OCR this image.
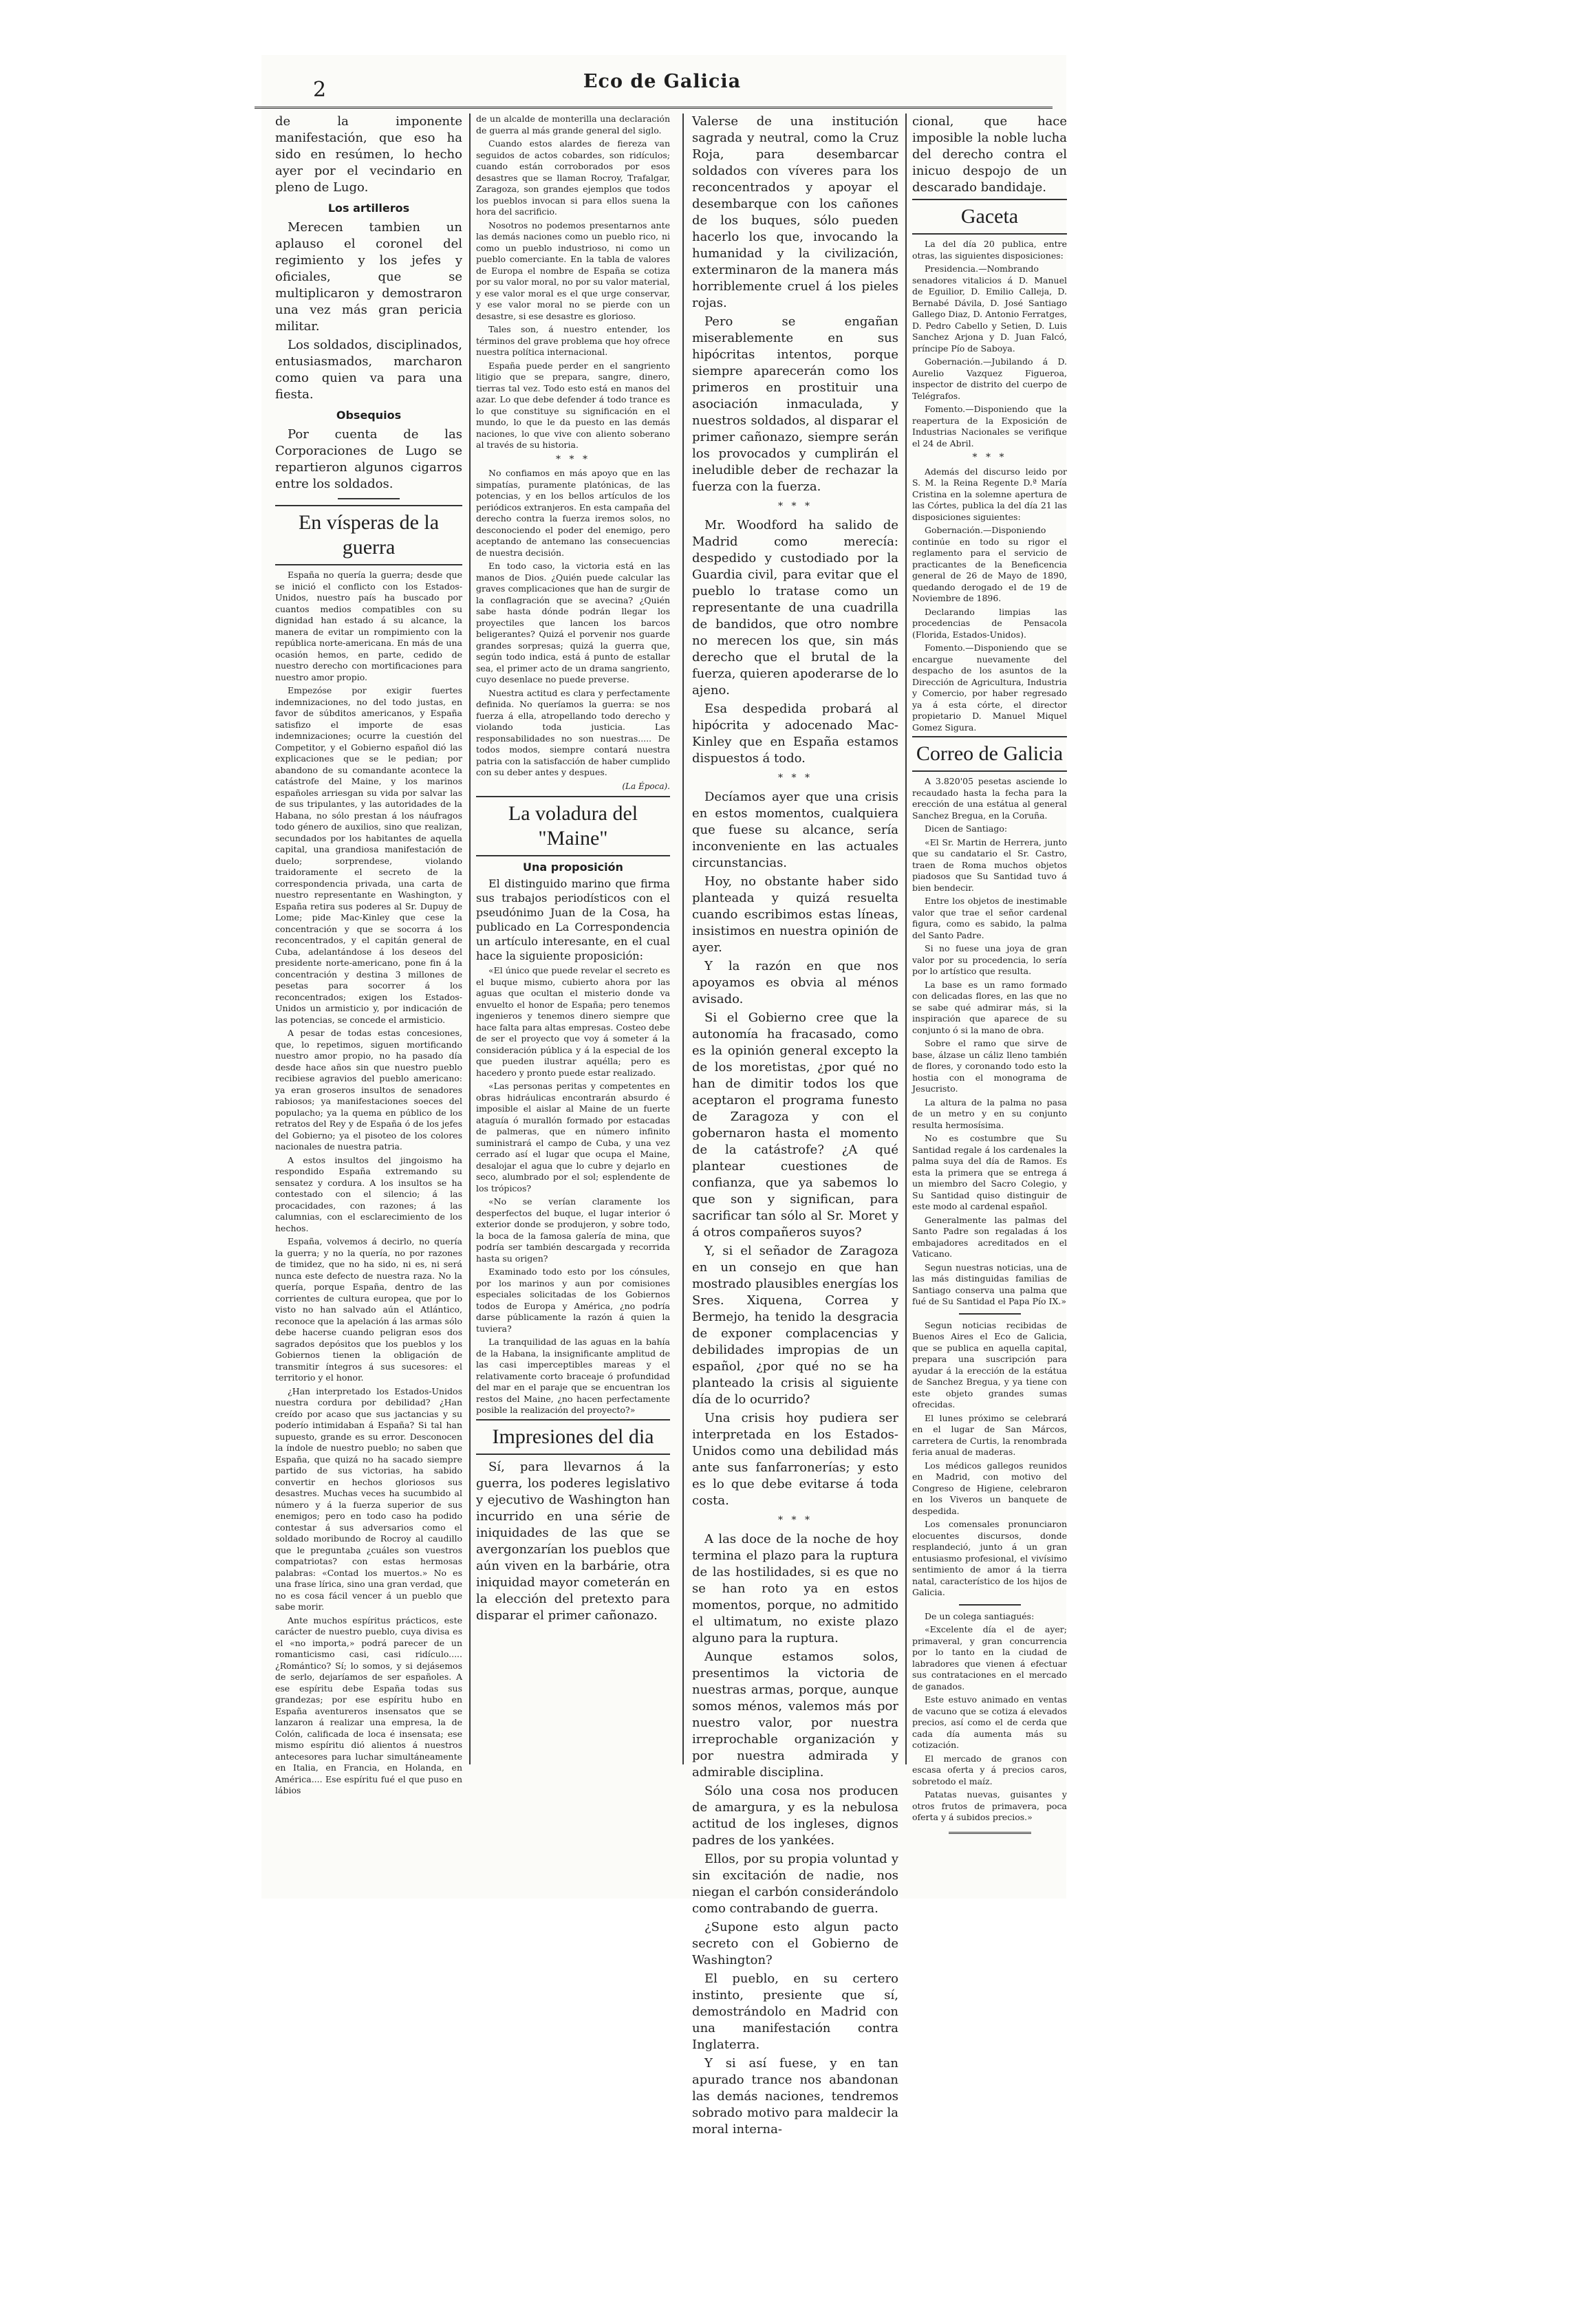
2	Eco de Galicia

de la imponente manifestación, que eso ha sido en resúmen, lo hecho ayer por el vecindario en pleno de Lugo.

Los artilleros

Merecen tambien un aplauso el coronel del regimiento y los jefes y oficiales, que se multiplicaron y demostraron una vez más gran pericia militar.

Los soldados, disciplinados, entusiasmados, marcharon como quien va para una fiesta.

Obsequios

Por cuenta de las Corporaciones de Lugo se repartieron algunos cigarros entre los soldados.

En vísperas de la guerra

España no quería la guerra; desde que se inició el conflicto con los Estados-Unidos, nuestro país ha buscado por cuantos medios compatibles con su dignidad han estado á su alcance, la manera de evitar un rompimiento con la república norte-americana. En más de una ocasión hemos, en parte, cedido de nuestro derecho con mortificaciones para nuestro amor propio.

Empezóse por exigir fuertes indemnizaciones, no del todo justas, en favor de súbditos americanos, y España satisfizo el importe de esas indemnizaciones; ocurre la cuestión del Competitor, y el Gobierno español dió las explicaciones que se le pedian; por abandono de su comandante acontece la catástrofe del Maine, y los marinos españoles arriesgan su vida por salvar las de sus tripulantes, y las autoridades de la Habana, no sólo prestan á los náufragos todo género de auxilios, sino que realizan, secundados por los habitantes de aquella capital, una grandiosa manifestación de duelo; sorprendese, violando traidoramente el secreto de la correspondencia privada, una carta de nuestro representante en Washington, y España retira sus poderes al Sr. Dupuy de Lome; pide Mac-Kinley que cese la concentración y que se socorra á los reconcentrados, y el capitán general de Cuba, adelantándose á los deseos del presidente norte-americano, pone fin á la concentración y destina 3 millones de pesetas para socorrer á los reconcentrados; exigen los Estados-Unidos un armisticio y, por indicación de las potencias, se concede el armisticio.

A pesar de todas estas concesiones, que, lo repetimos, siguen mortificando nuestro amor propio, no ha pasado día desde hace años sin que nuestro pueblo recibiese agravios del pueblo americano: ya eran groseros insultos de senadores rabiosos; ya manifestaciones soeces del populacho; ya la quema en público de los retratos del Rey y de España ó de los jefes del Gobierno; ya el pisoteo de los colores nacionales de nuestra patria.

A estos insultos del jingoismo ha respondido España extremando su sensatez y cordura. A los insultos se ha contestado con el silencio; á las procacidades, con razones; á las calumnias, con el esclarecimiento de los hechos.

España, volvemos á decirlo, no quería la guerra; y no la quería, no por razones de timidez, que no ha sido, ni es, ni será nunca este defecto de nuestra raza. No la quería, porque España, dentro de las corrientes de cultura europea, que por lo visto no han salvado aún el Atlántico, reconoce que la apelación á las armas sólo debe hacerse cuando peligran esos dos sagrados depósitos que los pueblos y los Gobiernos tienen la obligación de transmitir íntegros á sus sucesores: el territorio y el honor.

¿Han interpretado los Estados-Unidos nuestra cordura por debilidad? ¿Han creído por acaso que sus jactancias y su poderío intimidaban á España? Si tal han supuesto, grande es su error. Desconocen la índole de nuestro pueblo; no saben que España, que quizá no ha sacado siempre partido de sus victorias, ha sabido convertir en hechos gloriosos sus desastres. Muchas veces ha sucumbido al número y á la fuerza superior de sus enemigos; pero en todo caso ha podido contestar á sus adversarios como el soldado moribundo de Rocroy al caudillo que le preguntaba ¿cuáles son vuestros compatriotas? con estas hermosas palabras: «Contad los muertos.» No es una frase lírica, sino una gran verdad, que no es cosa fácil vencer á un pueblo que sabe morir.

Ante muchos espíritus prácticos, este carácter de nuestro pueblo, cuya divisa es el «no importa,» podrá parecer de un romanticismo casi, casi ridículo..... ¿Romántico? Sí; lo somos, y si dejásemos de serlo, dejaríamos de ser españoles. A ese espíritu debe España todas sus grandezas; por ese espíritu hubo en España aventureros insensatos que se lanzaron á realizar una empresa, la de Colón, calificada de loca é insensata; ese mismo espíritu dió alientos á nuestros antecesores para luchar simultáneamente en Italia, en Francia, en Holanda, en América.... Ese espíritu fué el que puso en lábios

de un alcalde de monterilla una declaración de guerra al más grande general del siglo.

Cuando estos alardes de fiereza van seguidos de actos cobardes, son ridículos; cuando están corroborados por esos desastres que se llaman Rocroy, Trafalgar, Zaragoza, son grandes ejemplos que todos los pueblos invocan si para ellos suena la hora del sacrificio.

Nosotros no podemos presentarnos ante las demás naciones como un pueblo rico, ni como un pueblo industrioso, ni como un pueblo comerciante. En la tabla de valores de Europa el nombre de España se cotiza por su valor moral, no por su valor material, y ese valor moral es el que urge conservar, y ese valor moral no se pierde con un desastre, si ese desastre es glorioso.

Tales son, á nuestro entender, los términos del grave problema que hoy ofrece nuestra política internacional.

España puede perder en el sangriento litigio que se prepara, sangre, dinero, tierras tal vez. Todo esto está en manos del azar. Lo que debe defender á todo trance es lo que constituye su significación en el mundo, lo que le da puesto en las demás naciones, lo que vive con aliento soberano al través de su historia.

* * *

No confiamos en más apoyo que en las simpatías, puramente platónicas, de las potencias, y en los bellos artículos de los periódicos extranjeros. En esta campaña del derecho contra la fuerza iremos solos, no desconociendo el poder del enemigo, pero aceptando de antemano las consecuencias de nuestra decisión.

En todo caso, la victoria está en las manos de Dios. ¿Quién puede calcular las graves complicaciones que han de surgir de la conflagración que se avecina? ¿Quién sabe hasta dónde podrán llegar los proyectiles que lancen los barcos beligerantes? Quizá el porvenir nos guarde grandes sorpresas; quizá la guerra que, según todo indica, está á punto de estallar sea, el primer acto de un drama sangriento, cuyo desenlace no puede preverse.

Nuestra actitud es clara y perfectamente definida. No queríamos la guerra: se nos fuerza á ella, atropellando todo derecho y violando toda justicia. Las responsabilidades no son nuestras..... De todos modos, siempre contará nuestra patria con la satisfacción de haber cumplido con su deber antes y despues.

(La Época).
La voladura del "Maine"
Una proposición

El distinguido marino que firma sus trabajos periodísticos con el pseudónimo Juan de la Cosa, ha publicado en La Correspondencia un artículo interesante, en el cual hace la siguiente proposición:

«El único que puede revelar el secreto es el buque mismo, cubierto ahora por las aguas que ocultan el misterio donde va envuelto el honor de España; pero tenemos ingenieros y tenemos dinero siempre que hace falta para altas empresas. Costeo debe de ser el proyecto que voy á someter á la consideración pública y á la especial de los que pueden ilustrar aquélla; pero es hacedero y pronto puede estar realizado.

«Las personas peritas y competentes en obras hidráulicas encontrarán absurdo é imposible el aislar al Maine de un fuerte ataguía ó murallón formado por estacadas de palmeras, que en número infinito suministrará el campo de Cuba, y una vez cerrado así el lugar que ocupa el Maine, desalojar el agua que lo cubre y dejarlo en seco, alumbrado por el sol; esplendente de los trópicos?

«No se verían claramente los desperfectos del buque, el lugar interior ó exterior donde se produjeron, y sobre todo, la boca de la famosa galería de mina, que podría ser también descargada y recorrida hasta su origen?

Examinado todo esto por los cónsules, por los marinos y aun por comisiones especiales solicitadas de los Gobiernos todos de Europa y América, ¿no podría darse públicamente la razón á quien la tuviera?

La tranquilidad de las aguas en la bahía de la Habana, la insignificante amplitud de las casi imperceptibles mareas y el relativamente corto braceaje ó profundidad del mar en el paraje que se encuentran los restos del Maine, ¿no hacen perfectamente posible la realización del proyecto?»

Impresiones del dia

Sí, para llevarnos á la guerra, los poderes legislativo y ejecutivo de Washington han incurrido en una série de iniquidades de las que se avergonzarían los pueblos que aún viven en la barbárie, otra iniquidad mayor cometerán en la elección del pretexto para disparar el primer cañonazo.

Valerse de una institución sagrada y neutral, como la Cruz Roja, para desembarcar soldados con víveres para los reconcentrados y apoyar el desembarque con los cañones de los buques, sólo pueden hacerlo los que, invocando la humanidad y la civilización, exterminaron de la manera más horriblemente cruel á los pieles rojas.

Pero se engañan miserablemente en sus hipócritas intentos, porque siempre aparecerán como los primeros en prostituir una asociación inmaculada, y nuestros soldados, al disparar el primer cañonazo, siempre serán los provocados y cumplirán el ineludible deber de rechazar la fuerza con la fuerza.

* * *

Mr. Woodford ha salido de Madrid como merecía: despedido y custodiado por la Guardia civil, para evitar que el pueblo lo tratase como un representante de una cuadrilla de bandidos, que otro nombre no merecen los que, sin más derecho que el brutal de la fuerza, quieren apoderarse de lo ajeno.

Esa despedida probará al hipócrita y adocenado Mac-Kinley que en España estamos dispuestos á todo.

* * *

Decíamos ayer que una crisis en estos momentos, cualquiera que fuese su alcance, sería inconveniente en las actuales circunstancias.

Hoy, no obstante haber sido planteada y quizá resuelta cuando escribimos estas líneas, insistimos en nuestra opinión de ayer.

Y la razón en que nos apoyamos es obvia al ménos avisado.

Si el Gobierno cree que la autonomía ha fracasado, como es la opinión general excepto la de los moretistas, ¿por qué no han de dimitir todos los que aceptaron el programa funesto de Zaragoza y con el gobernaron hasta el momento de la catástrofe? ¿A qué plantear cuestiones de confianza, que ya sabemos lo que son y significan, para sacrificar tan sólo al Sr. Moret y á otros compañeros suyos?

Y, si el señador de Zaragoza en un consejo en que han mostrado plausibles energías los Sres. Xiquena, Correa y Bermejo, ha tenido la desgracia de exponer complacencias y debilidades impropias de un español, ¿por qué no se ha planteado la crisis al siguiente día de lo ocurrido?

Una crisis hoy pudiera ser interpretada en los Estados-Unidos como una debilidad más ante sus fanfarronerías; y esto es lo que debe evitarse á toda costa.

* * *

A las doce de la noche de hoy termina el plazo para la ruptura de las hostilidades, si es que no se han roto ya en estos momentos, porque, no admitido el ultimatum, no existe plazo alguno para la ruptura.

Aunque estamos solos, presentimos la victoria de nuestras armas, porque, aunque somos ménos, valemos más por nuestro valor, por nuestra irreprochable organización y por nuestra admirada y admirable disciplina.

Sólo una cosa nos producen de amargura, y es la nebulosa actitud de los ingleses, dignos padres de los yankées.

Ellos, por su propia voluntad y sin excitación de nadie, nos niegan el carbón considerándolo como contrabando de guerra.

¿Supone esto algun pacto secreto con el Gobierno de Washington?

El pueblo, en su certero instinto, presiente que sí, demostrándolo en Madrid con una manifestación contra Inglaterra.

Y si así fuese, y en tan apurado trance nos abandonan las demás naciones, tendremos sobrado motivo para maldecir la moral interna-

cional, que hace imposible la noble lucha del derecho contra el inicuo despojo de un descarado bandidaje.

Gaceta

La del día 20 publica, entre otras, las siguientes disposiciones:

Presidencia.—Nombrando senadores vitalicios á D. Manuel de Eguilior, D. Emilio Calleja, D. Bernabé Dávila, D. José Santiago Gallego Diaz, D. Antonio Ferratges, D. Pedro Cabello y Setien, D. Luis Sanchez Arjona y D. Juan Falcó, príncipe Pío de Saboya.

Gobernación.—Jubilando á D. Aurelio Vazquez Figueroa, inspector de distrito del cuerpo de Telégrafos.

Fomento.—Disponiendo que la reapertura de la Exposición de Industrias Nacionales se verifique el 24 de Abril.

* * *

Además del discurso leido por S. M. la Reina Regente D.ª María Cristina en la solemne apertura de las Córtes, publica la del día 21 las disposiciones siguientes:

Gobernación.—Disponiendo continúe en todo su rigor el reglamento para el servicio de practicantes de la Beneficencia general de 26 de Mayo de 1890, quedando derogado el de 19 de Noviembre de 1896.

Declarando limpias las procedencias de Pensacola (Florida, Estados-Unidos).

Fomento.—Disponiendo que se encargue nuevamente del despacho de los asuntos de la Dirección de Agricultura, Industria y Comercio, por haber regresado ya á esta córte, el director propietario D. Manuel Miquel Gomez Sigura.

Correo de Galicia

A 3.820'05 pesetas asciende lo recaudado hasta la fecha para la erección de una estátua al general Sanchez Bregua, en la Coruña.

Dicen de Santiago:

«El Sr. Martin de Herrera, junto que su candatario el Sr. Castro, traen de Roma muchos objetos piadosos que Su Santidad tuvo á bien bendecir.

Entre los objetos de inestimable valor que trae el señor cardenal figura, como es sabido, la palma del Santo Padre.

Si no fuese una joya de gran valor por su procedencia, lo sería por lo artístico que resulta.

La base es un ramo formado con delicadas flores, en las que no se sabe qué admirar más, si la inspiración que aparece de su conjunto ó si la mano de obra.

Sobre el ramo que sirve de base, álzase un cáliz lleno también de flores, y coronando todo esto la hostia con el monograma de Jesucristo.

La altura de la palma no pasa de un metro y en su conjunto resulta hermosísima.

No es costumbre que Su Santidad regale á los cardenales la palma suya del día de Ramos. Es esta la primera que se entrega á un miembro del Sacro Colegio, y Su Santidad quiso distinguir de este modo al cardenal español.

Generalmente las palmas del Santo Padre son regaladas á los embajadores acreditados en el Vaticano.

Segun nuestras noticias, una de las más distinguidas familias de Santiago conserva una palma que fué de Su Santidad el Papa Pío IX.»

Segun noticias recibidas de Buenos Aires el Eco de Galicia, que se publica en aquella capital, prepara una suscripción para ayudar á la erección de la estátua de Sanchez Bregua, y ya tiene con este objeto grandes sumas ofrecidas.

El lunes próximo se celebrará en el lugar de San Márcos, carretera de Curtis, la renombrada feria anual de maderas.

Los médicos gallegos reunidos en Madrid, con motivo del Congreso de Higiene, celebraron en los Viveros un banquete de despedida.

Los comensales pronunciaron elocuentes discursos, donde resplandeció, junto á un gran entusiasmo profesional, el vivísimo sentimiento de amor á la tierra natal, característico de los hijos de Galicia.

De un colega santiagués:

«Excelente día el de ayer; primaveral, y gran concurrencia por lo tanto en la ciudad de labradores que vienen á efectuar sus contrataciones en el mercado de ganados.

Este estuvo animado en ventas de vacuno que se cotiza á elevados precios, así como el de cerda que cada día aumenta más su cotización.

El mercado de granos con escasa oferta y á precios caros, sobretodo el maíz.

Patatas nuevas, guisantes y otros frutos de primavera, poca oferta y á subidos precios.»
